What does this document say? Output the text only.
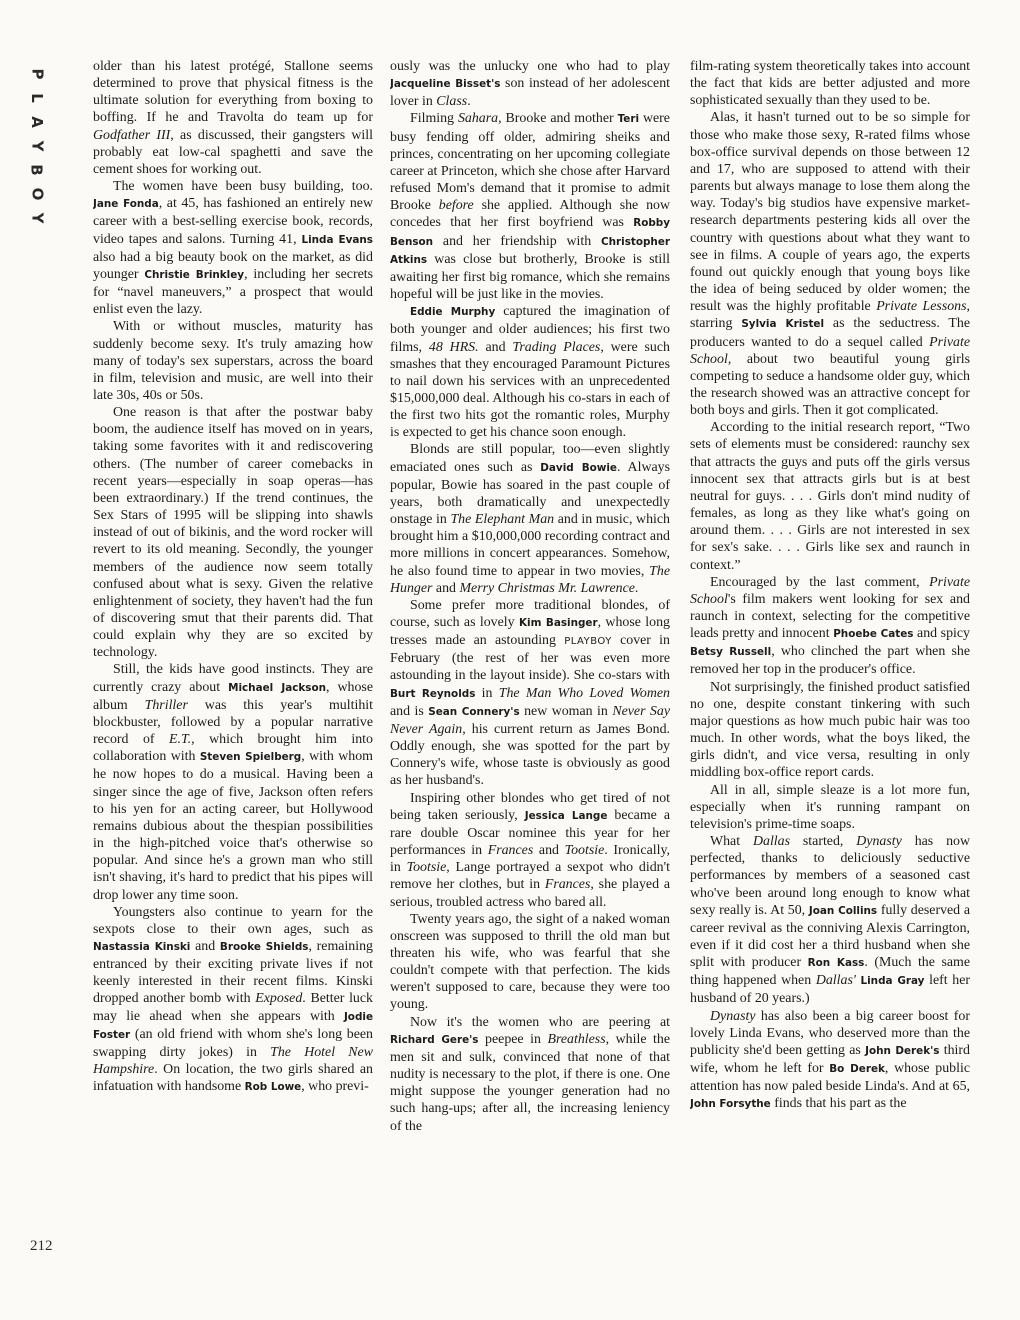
P
L
A
Y
B
O
Y
212

older than his latest protégé, Stallone seems determined to prove that physical fitness is the ultimate solution for everything from boxing to boffing. If he and Travolta do team up for Godfather III, as discussed, their gangsters will probably eat low-cal spaghetti and save the cement shoes for working out.

The women have been busy building, too. Jane Fonda, at 45, has fashioned an entirely new career with a best-selling exercise book, records, video tapes and salons. Turning 41, Linda Evans also had a big beauty book on the market, as did younger Christie Brinkley, including her secrets for “navel maneuvers,” a prospect that would enlist even the lazy.

With or without muscles, maturity has suddenly become sexy. It's truly amazing how many of today's sex superstars, across the board in film, television and music, are well into their late 30s, 40s or 50s.

One reason is that after the postwar baby boom, the audience itself has moved on in years, taking some favorites with it and rediscovering others. (The number of career comebacks in recent years—especially in soap operas—has been extraordinary.) If the trend continues, the Sex Stars of 1995 will be slipping into shawls instead of out of bikinis, and the word rocker will revert to its old meaning. Secondly, the younger members of the audience now seem totally confused about what is sexy. Given the relative enlightenment of society, they haven't had the fun of discovering smut that their parents did. That could explain why they are so excited by technology.

Still, the kids have good instincts. They are currently crazy about Michael Jackson, whose album Thriller was this year's multihit blockbuster, followed by a popular narrative record of E.T., which brought him into collaboration with Steven Spielberg, with whom he now hopes to do a musical. Having been a singer since the age of five, Jackson often refers to his yen for an acting career, but Hollywood remains dubious about the thespian possibilities in the high-pitched voice that's otherwise so popular. And since he's a grown man who still isn't shaving, it's hard to predict that his pipes will drop lower any time soon.

Youngsters also continue to yearn for the sexpots close to their own ages, such as Nastassia Kinski and Brooke Shields, remaining entranced by their exciting private lives if not keenly interested in their recent films. Kinski dropped another bomb with Exposed. Better luck may lie ahead when she appears with Jodie Foster (an old friend with whom she's long been swapping dirty jokes) in The Hotel New Hampshire. On location, the two girls shared an infatuation with handsome Rob Lowe, who previ-

ously was the unlucky one who had to play Jacqueline Bisset's son instead of her adolescent lover in Class.

Filming Sahara, Brooke and mother Teri were busy fending off older, admiring sheiks and princes, concentrating on her upcoming collegiate career at Princeton, which she chose after Harvard refused Mom's demand that it promise to admit Brooke before she applied. Although she now concedes that her first boyfriend was Robby Benson and her friendship with Christopher Atkins was close but brotherly, Brooke is still awaiting her first big romance, which she remains hopeful will be just like in the movies.

Eddie Murphy captured the imagination of both younger and older audiences; his first two films, 48 HRS. and Trading Places, were such smashes that they encouraged Paramount Pictures to nail down his services with an unprecedented $15,000,000 deal. Although his co-stars in each of the first two hits got the romantic roles, Murphy is expected to get his chance soon enough.

Blonds are still popular, too—even slightly emaciated ones such as David Bowie. Always popular, Bowie has soared in the past couple of years, both dramatically and unexpectedly onstage in The Elephant Man and in music, which brought him a $10,000,000 recording contract and more millions in concert appearances. Somehow, he also found time to appear in two movies, The Hunger and Merry Christmas Mr. Lawrence.

Some prefer more traditional blondes, of course, such as lovely Kim Basinger, whose long tresses made an astounding PLAYBOY cover in February (the rest of her was even more astounding in the layout inside). She co-stars with Burt Reynolds in The Man Who Loved Women and is Sean Connery's new woman in Never Say Never Again, his current return as James Bond. Oddly enough, she was spotted for the part by Connery's wife, whose taste is obviously as good as her husband's.

Inspiring other blondes who get tired of not being taken seriously, Jessica Lange became a rare double Oscar nominee this year for her performances in Frances and Tootsie. Ironically, in Tootsie, Lange portrayed a sexpot who didn't remove her clothes, but in Frances, she played a serious, troubled actress who bared all.

Twenty years ago, the sight of a naked woman onscreen was supposed to thrill the old man but threaten his wife, who was fearful that she couldn't compete with that perfection. The kids weren't supposed to care, because they were too young.

Now it's the women who are peering at Richard Gere's peepee in Breathless, while the men sit and sulk, convinced that none of that nudity is necessary to the plot, if there is one. One might suppose the younger generation had no such hang-ups; after all, the increasing leniency of the

film-rating system theoretically takes into account the fact that kids are better adjusted and more sophisticated sexually than they used to be.

Alas, it hasn't turned out to be so simple for those who make those sexy, R-rated films whose box-office survival depends on those between 12 and 17, who are supposed to attend with their parents but always manage to lose them along the way. Today's big studios have expensive market-research departments pestering kids all over the country with questions about what they want to see in films. A couple of years ago, the experts found out quickly enough that young boys like the idea of being seduced by older women; the result was the highly profitable Private Lessons, starring Sylvia Kristel as the seductress. The producers wanted to do a sequel called Private School, about two beautiful young girls competing to seduce a handsome older guy, which the research showed was an attractive concept for both boys and girls. Then it got complicated.

According to the initial research report, “Two sets of elements must be considered: raunchy sex that attracts the guys and puts off the girls versus innocent sex that attracts girls but is at best neutral for guys. . . . Girls don't mind nudity of females, as long as they like what's going on around them. . . . Girls are not interested in sex for sex's sake. . . . Girls like sex and raunch in context.”

Encouraged by the last comment, Private School's film makers went looking for sex and raunch in context, selecting for the competitive leads pretty and innocent Phoebe Cates and spicy Betsy Russell, who clinched the part when she removed her top in the producer's office.

Not surprisingly, the finished product satisfied no one, despite constant tinkering with such major questions as how much pubic hair was too much. In other words, what the boys liked, the girls didn't, and vice versa, resulting in only middling box-office report cards.

All in all, simple sleaze is a lot more fun, especially when it's running rampant on television's prime-time soaps.

What Dallas started, Dynasty has now perfected, thanks to deliciously seductive performances by members of a seasoned cast who've been around long enough to know what sexy really is. At 50, Joan Collins fully deserved a career revival as the conniving Alexis Carrington, even if it did cost her a third husband when she split with producer Ron Kass. (Much the same thing happened when Dallas' Linda Gray left her husband of 20 years.)

Dynasty has also been a big career boost for lovely Linda Evans, who deserved more than the publicity she'd been getting as John Derek's third wife, whom he left for Bo Derek, whose public attention has now paled beside Linda's. And at 65, John Forsythe finds that his part as the
